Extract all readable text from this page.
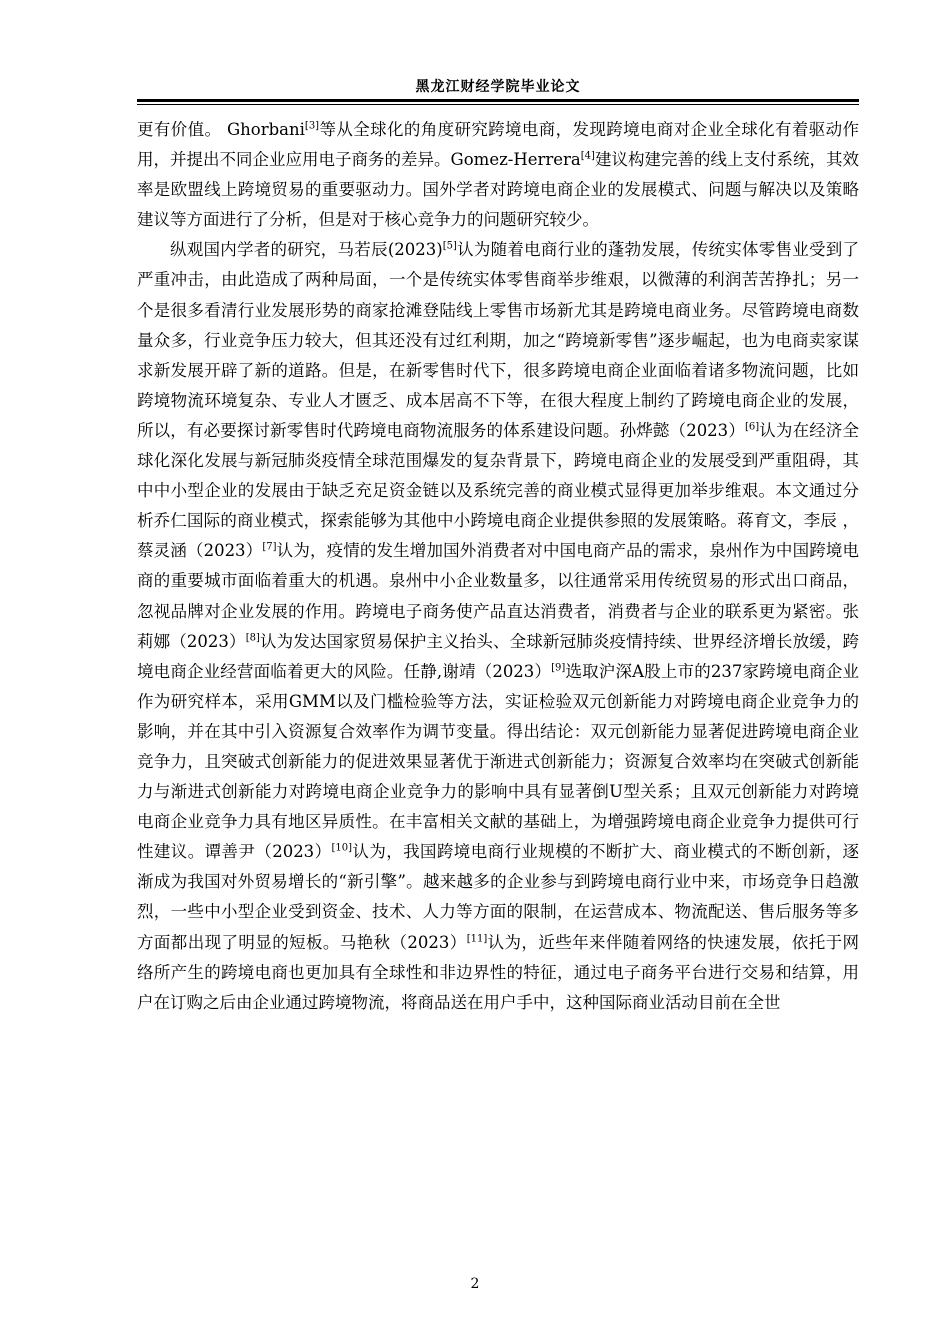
黑龙江财经学院毕业论文

更有价值。 Ghorbani[3]等从全球化的角度研究跨境电商，发现跨境电商对企业全球化有着驱动作用，并提出不同企业应用电子商务的差异。Gomez-Herrera[4]建议构建完善的线上支付系统，其效率是欧盟线上跨境贸易的重要驱动力。国外学者对跨境电商企业的发展模式、问题与解决以及策略建议等方面进行了分析，但是对于核心竞争力的问题研究较少。

纵观国内学者的研究，马若辰(2023)[5]认为随着电商行业的蓬勃发展，传统实体零售业受到了严重冲击，由此造成了两种局面，一个是传统实体零售商举步维艰，以微薄的利润苦苦挣扎；另一个是很多看清行业发展形势的商家抢滩登陆线上零售市场新尤其是跨境电商业务。尽管跨境电商数量众多，行业竞争压力较大，但其还没有过红利期，加之“跨境新零售”逐步崛起，也为电商卖家谋求新发展开辟了新的道路。但是，在新零售时代下，很多跨境电商企业面临着诸多物流问题，比如跨境物流环境复杂、专业人才匮乏、成本居高不下等，在很大程度上制约了跨境电商企业的发展，所以，有必要探讨新零售时代跨境电商物流服务的体系建设问题。孙烨懿（2023）[6]认为在经济全球化深化发展与新冠肺炎疫情全球范围爆发的复杂背景下，跨境电商企业的发展受到严重阻碍，其中中小型企业的发展由于缺乏充足资金链以及系统完善的商业模式显得更加举步维艰。本文通过分析乔仁国际的商业模式，探索能够为其他中小跨境电商企业提供参照的发展策略。蒋育文，李辰 ，蔡灵涵（2023）[7]认为，疫情的发生增加国外消费者对中国电商产品的需求，泉州作为中国跨境电商的重要城市面临着重大的机遇。泉州中小企业数量多，以往通常采用传统贸易的形式出口商品，忽视品牌对企业发展的作用。跨境电子商务使产品直达消费者，消费者与企业的联系更为紧密。张莉娜（2023）[8]认为发达国家贸易保护主义抬头、全球新冠肺炎疫情持续、世界经济增长放缓，跨境电商企业经营面临着更大的风险。任静,谢靖（2023）[9]选取沪深A股上市的237家跨境电商企业作为研究样本，采用GMM以及门槛检验等方法，实证检验双元创新能力对跨境电商企业竞争力的影响，并在其中引入资源复合效率作为调节变量。得出结论：双元创新能力显著促进跨境电商企业竞争力，且突破式创新能力的促进效果显著优于渐进式创新能力；资源复合效率均在突破式创新能力与渐进式创新能力对跨境电商企业竞争力的影响中具有显著倒U型关系；且双元创新能力对跨境电商企业竞争力具有地区异质性。在丰富相关文献的基础上，为增强跨境电商企业竞争力提供可行性建议。谭善尹（2023）[10]认为，我国跨境电商行业规模的不断扩大、商业模式的不断创新，逐渐成为我国对外贸易增长的“新引擎”。越来越多的企业参与到跨境电商行业中来，市场竞争日趋激烈，一些中小型企业受到资金、技术、人力等方面的限制，在运营成本、物流配送、售后服务等多方面都出现了明显的短板。马艳秋（2023）[11]认为，近些年来伴随着网络的快速发展，依托于网络所产生的跨境电商也更加具有全球性和非边界性的特征，通过电子商务平台进行交易和结算，用户在订购之后由企业通过跨境物流，将商品送在用户手中，这种国际商业活动目前在全世

2
